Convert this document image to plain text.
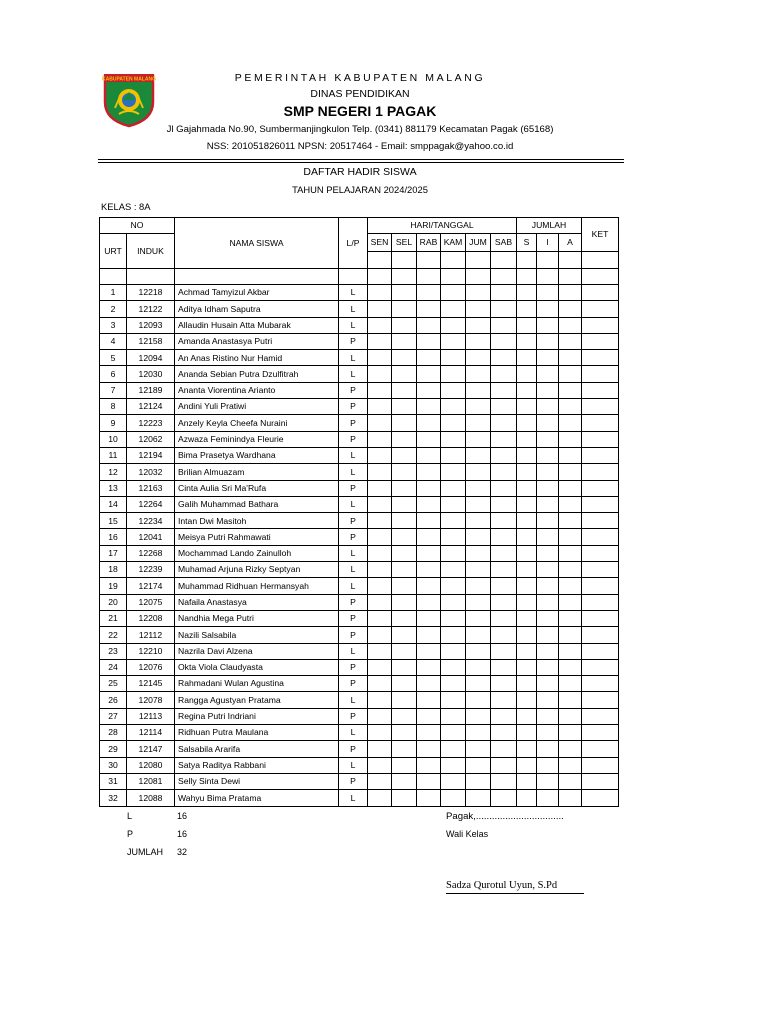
KABUPATEN MALANG	PEMERINTAH KABUPATEN MALANG
DINAS PENDIDIKAN
SMP NEGERI 1 PAGAK
Jl Gajahmada No.90, Sumbermanjingkulon Telp. (0341) 881179 Kecamatan Pagak (65168)
NSS: 201051826011 NPSN: 20517464 - Email: smppagak@yahoo.co.id
DAFTAR HADIR SISWA
TAHUN PELAJARAN 2024/2025
KELAS : 8A
NO		NAMA SISWA	L/P	HARI/TANGGAL						JUMLAH			KET
URT	INDUK			SEN	SEL	RAB	KAM	JUM	SAB	S	I	A	

1	12218	Achmad Tamyizul Akbar	L										
2	12122	Aditya Idham Saputra	L										
3	12093	Allaudin Husain Atta Mubarak	L										
4	12158	Amanda Anastasya Putri	P										
5	12094	An Anas Ristino Nur Hamid	L										
6	12030	Ananda Sebian Putra Dzulfitrah	L										
7	12189	Ananta Viorentina Arianto	P										
8	12124	Andini Yuli Pratiwi	P										
9	12223	Anzely Keyla Cheefa Nuraini	P										
10	12062	Azwaza Feminindya Fleurie	P										
11	12194	Bima Prasetya Wardhana	L										
12	12032	Brilian Almuazam	L										
13	12163	Cinta Aulia Sri Ma'Rufa	P										
14	12264	Galih Muhammad Bathara	L										
15	12234	Intan Dwi Masitoh	P										
16	12041	Meisya Putri Rahmawati	P										
17	12268	Mochammad Lando Zainulloh	L										
18	12239	Muhamad Arjuna Rizky Septyan	L										
19	12174	Muhammad Ridhuan Hermansyah	L										
20	12075	Nafaila Anastasya	P										
21	12208	Nandhia Mega Putri	P										
22	12112	Nazili Salsabila	P										
23	12210	Nazrila Davi Alzena	L										
24	12076	Okta Viola Claudyasta	P										
25	12145	Rahmadani Wulan Agustina	P										
26	12078	Rangga Agustyan Pratama	L										
27	12113	Regina Putri Indriani	P										
28	12114	Ridhuan Putra Maulana	L										
29	12147	Salsabila Ararifa	P										
30	12080	Satya Raditya Rabbani	L										
31	12081	Selly Sinta Dewi	P										
32	12088	Wahyu Bima Pratama	L										
L	16
P	16
JUMLAH 32
Pagak,.................................
Wali Kelas
Sadza Qurotul Uyun, S.Pd
